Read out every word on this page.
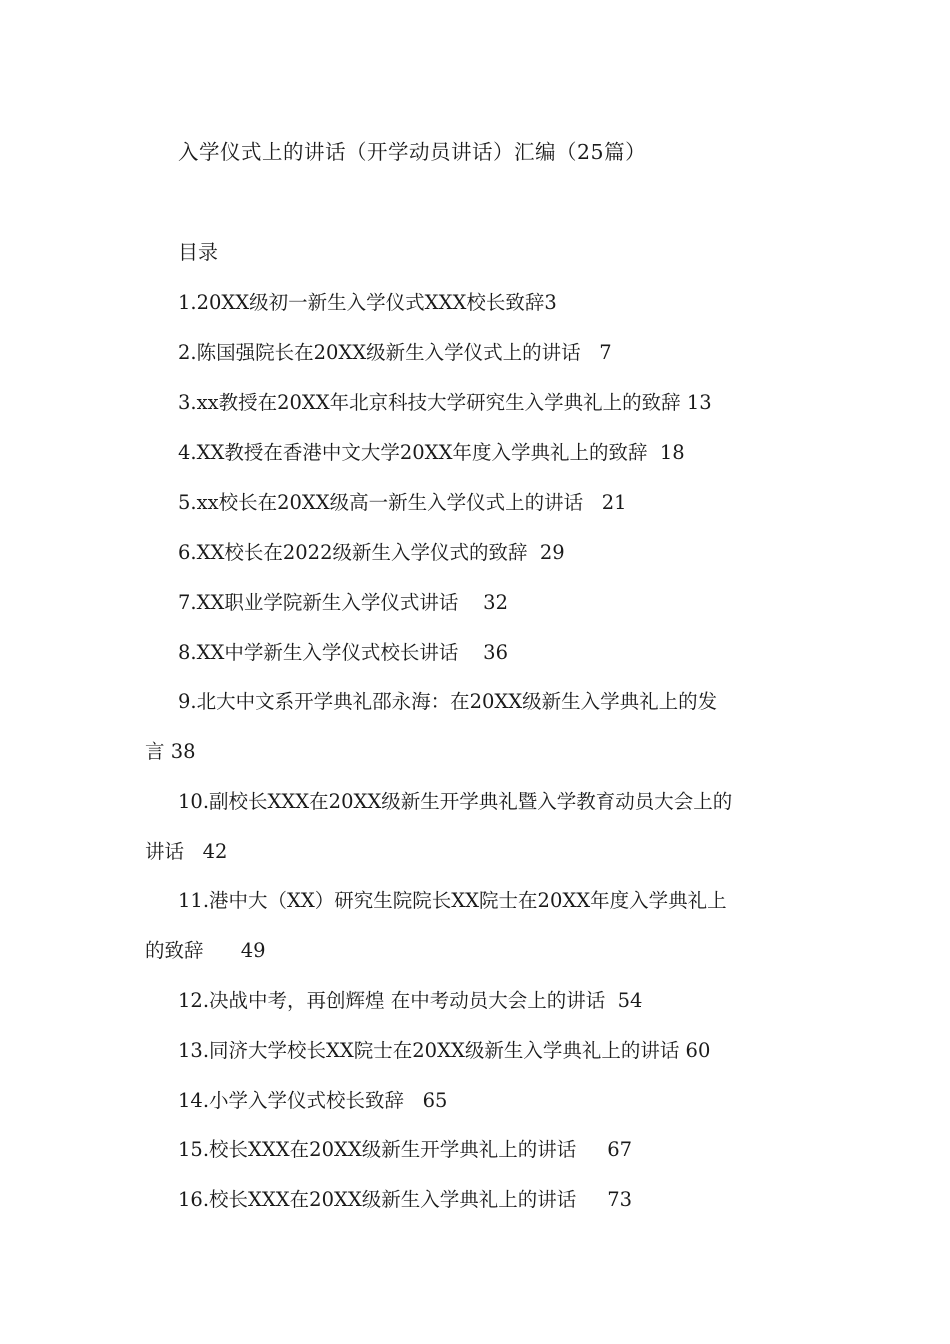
入学仪式上的讲话（开学动员讲话）汇编（25篇）
目录
1.20XX级初一新生入学仪式XXX校长致辞3
2.陈国强院长在20XX级新生入学仪式上的讲话   7
3.xx教授在20XX年北京科技大学研究生入学典礼上的致辞 13
4.XX教授在香港中文大学20XX年度入学典礼上的致辞  18
5.xx校长在20XX级高一新生入学仪式上的讲话   21
6.XX校长在2022级新生入学仪式的致辞  29
7.XX职业学院新生入学仪式讲话    32
8.XX中学新生入学仪式校长讲话    36
9.北大中文系开学典礼邵永海：在20XX级新生入学典礼上的发
言 38
10.副校长XXX在20XX级新生开学典礼暨入学教育动员大会上的
讲话   42
11.港中大（XX）研究生院院长XX院士在20XX年度入学典礼上
的致辞      49
12.决战中考，再创辉煌 在中考动员大会上的讲话  54
13.同济大学校长XX院士在20XX级新生入学典礼上的讲话 60
14.小学入学仪式校长致辞   65
15.校长XXX在20XX级新生开学典礼上的讲话     67
16.校长XXX在20XX级新生入学典礼上的讲话     73
